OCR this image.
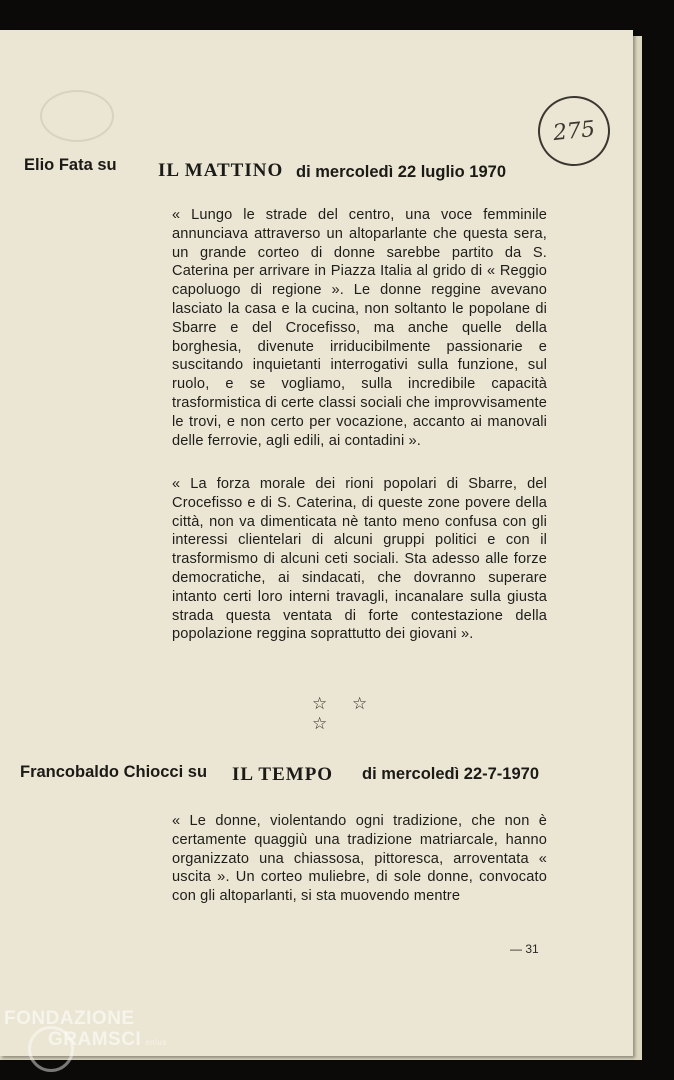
275
Elio Fata su IL MATTINO di mercoledì 22 luglio 1970
« Lungo le strade del centro, una voce femminile annunciava attraverso un altoparlante che questa sera, un grande corteo di donne sarebbe partito da S. Caterina per arrivare in Piazza Italia al grido di « Reggio capoluogo di regione ». Le donne reggine avevano lasciato la casa e la cucina, non soltanto le popolane di Sbarre e del Crocefisso, ma anche quelle della borghesia, divenute irriducibilmente passionarie e suscitando inquietanti interrogativi sulla funzione, sul ruolo, e se vogliamo, sulla incredibile capacità trasformistica di certe classi sociali che improvvisamente le trovi, e non certo per vocazione, accanto ai manovali delle ferrovie, agli edili, ai contadini ».
« La forza morale dei rioni popolari di Sbarre, del Crocefisso e di S. Caterina, di queste zone povere della città, non va dimenticata nè tanto meno confusa con gli interessi clientelari di alcuni gruppi politici e con il trasformismo di alcuni ceti sociali. Sta adesso alle forze democratiche, ai sindacati, che dovranno superare intanto certi loro interni travagli, incanalare sulla giusta strada questa ventata di forte contestazione della popolazione reggina soprattutto dei giovani ».
☆ ☆ ☆
Francobaldo Chiocci su IL TEMPO di mercoledì 22-7-1970
« Le donne, violentando ogni tradizione, che non è certamente quaggiù una tradizione matriarcale, hanno organizzato una chiassosa, pittoresca, arroventata « uscita ». Un corteo muliebre, di sole donne, convocato con gli altoparlanti, si sta muovendo mentre
— 31
FONDAZIONE
GRAMSCI onlus
